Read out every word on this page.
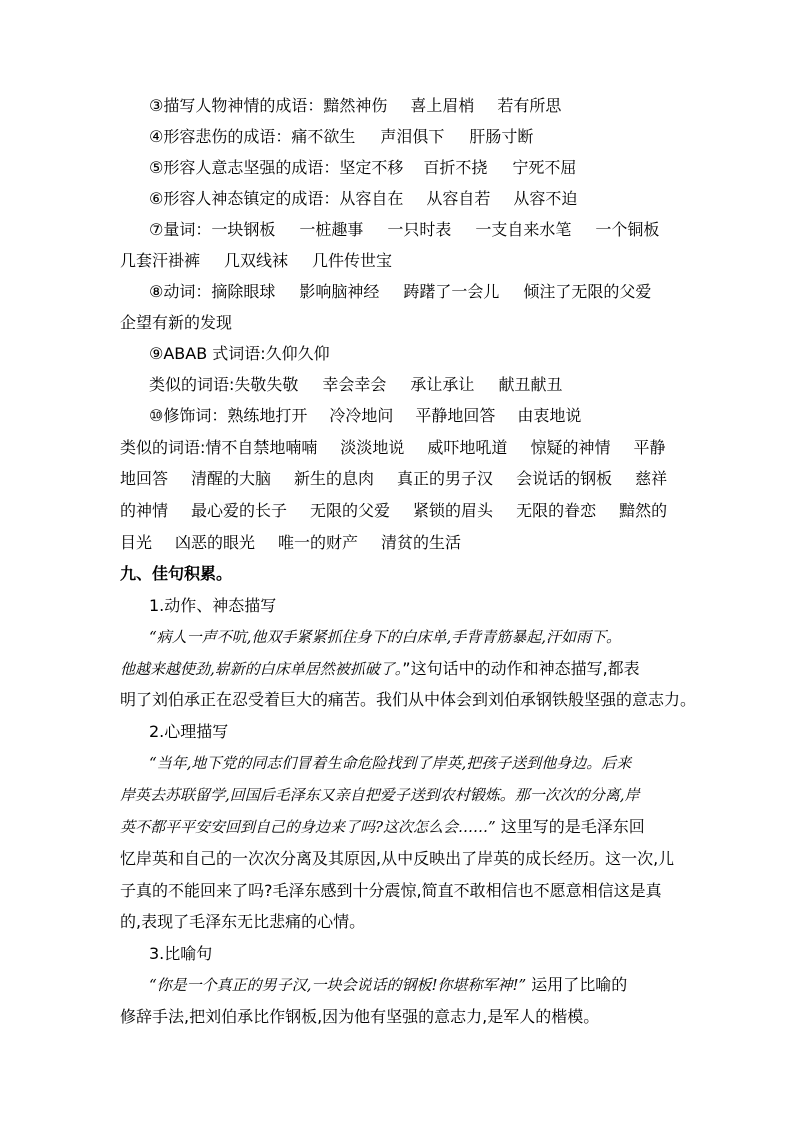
③描写人物神情的成语：黯然神伤 喜上眉梢 若有所思
④形容悲伤的成语：痛不欲生 声泪俱下 肝肠寸断
⑤形容人意志坚强的成语：坚定不移 百折不挠 宁死不屈
⑥形容人神态镇定的成语：从容自在 从容自若 从容不迫
⑦量词：一块钢板 一桩趣事 一只时表 一支自来水笔 一个铜板
几套汗褂裤 几双线袜 几件传世宝
⑧动词：摘除眼球 影响脑神经 踌躇了一会儿 倾注了无限的父爱
企望有新的发现
⑨ABAB 式词语:久仰久仰
类似的词语:失敬失敬 幸会幸会 承让承让 献丑献丑
⑩修饰词：熟练地打开 冷冷地问 平静地回答 由衷地说
类似的词语:情不自禁地喃喃 淡淡地说 威吓地吼道 惊疑的神情 平静
地回答 清醒的大脑 新生的息肉 真正的男子汉 会说话的钢板 慈祥
的神情 最心爱的长子 无限的父爱 紧锁的眉头 无限的眷恋 黯然的
目光 凶恶的眼光 唯一的财产 清贫的生活
九、佳句积累。
1.动作、神态描写
“病人一声不吭,他双手紧紧抓住身下的白床单,手背青筋暴起,汗如雨下。
他越来越使劲,崭新的白床单居然被抓破了。”这句话中的动作和神态描写,都表
明了刘伯承正在忍受着巨大的痛苦。我们从中体会到刘伯承钢铁般坚强的意志力。
2.心理描写
“当年,地下党的同志们冒着生命危险找到了岸英,把孩子送到他身边。后来
岸英去苏联留学,回国后毛泽东又亲自把爱子送到农村锻炼。那一次次的分离,岸
英不都平平安安回到自己的身边来了吗?这次怎么会……” 这里写的是毛泽东回
忆岸英和自己的一次次分离及其原因,从中反映出了岸英的成长经历。这一次,儿
子真的不能回来了吗?毛泽东感到十分震惊,简直不敢相信也不愿意相信这是真
的,表现了毛泽东无比悲痛的心情。
3.比喻句
“你是一个真正的男子汉,一块会说话的钢板!你堪称军神!” 运用了比喻的
修辞手法,把刘伯承比作钢板,因为他有坚强的意志力,是军人的楷模。
